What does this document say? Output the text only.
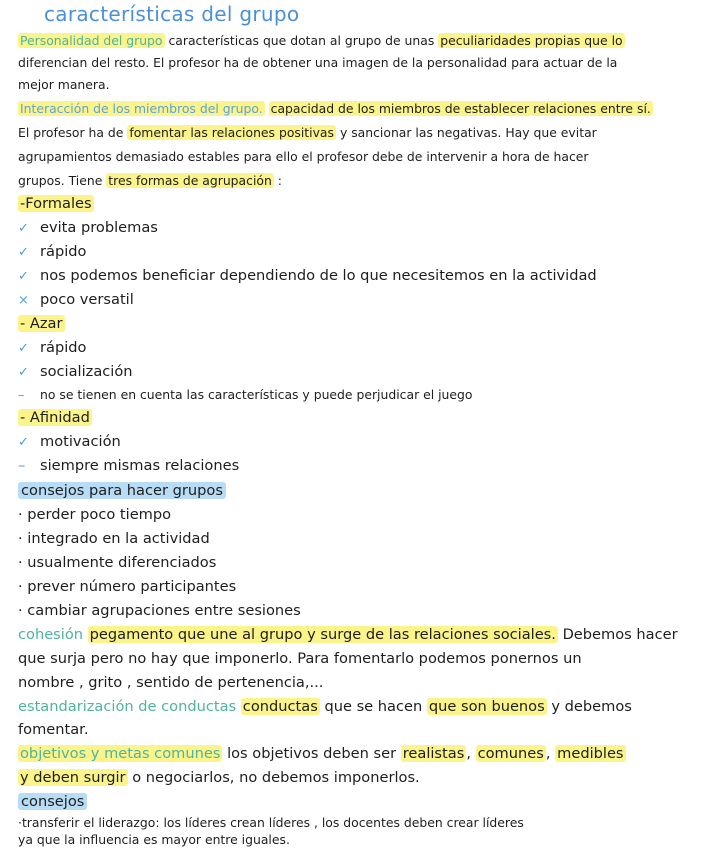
características del grupo
Personalidad del grupo características que dotan al grupo de unas peculiaridades propias que lo
diferencian del resto. El profesor ha de obtener una imagen de la personalidad para actuar de la
mejor manera.
Interacción de los miembros del grupo. capacidad de los miembros de establecer relaciones entre sí.
El profesor ha de fomentar las relaciones positivas y sancionar las negativas. Hay que evitar
agrupamientos demasiado estables para ello el profesor debe de intervenir a hora de hacer
grupos. Tiene tres formas de agrupación :
-Formales
✓ evita problemas
✓ rápido
✓ nos podemos beneficiar dependiendo de lo que necesitemos en la actividad
× poco versatil
- Azar
✓ rápido
✓ socialización
– no se tienen en cuenta las características y puede perjudicar el juego
- Afinidad
✓ motivación
– siempre mismas relaciones
consejos para hacer grupos
· perder poco tiempo
· integrado en la actividad
· usualmente diferenciados
· prever número participantes
· cambiar agrupaciones entre sesiones
cohesión pegamento que une al grupo y surge de las relaciones sociales. Debemos hacer
que surja pero no hay que imponerlo. Para fomentarlo podemos ponernos un
nombre , grito , sentido de pertenencia,...
estandarización de conductas conductas que se hacen que son buenos y debemos
fomentar.
objetivos y metas comunes los objetivos deben ser realistas , comunes , medibles
y deben surgir o negociarlos, no debemos imponerlos.
consejos
·transferir el liderazgo: los líderes crean líderes , los docentes deben crear líderes
ya que la influencia es mayor entre iguales.
